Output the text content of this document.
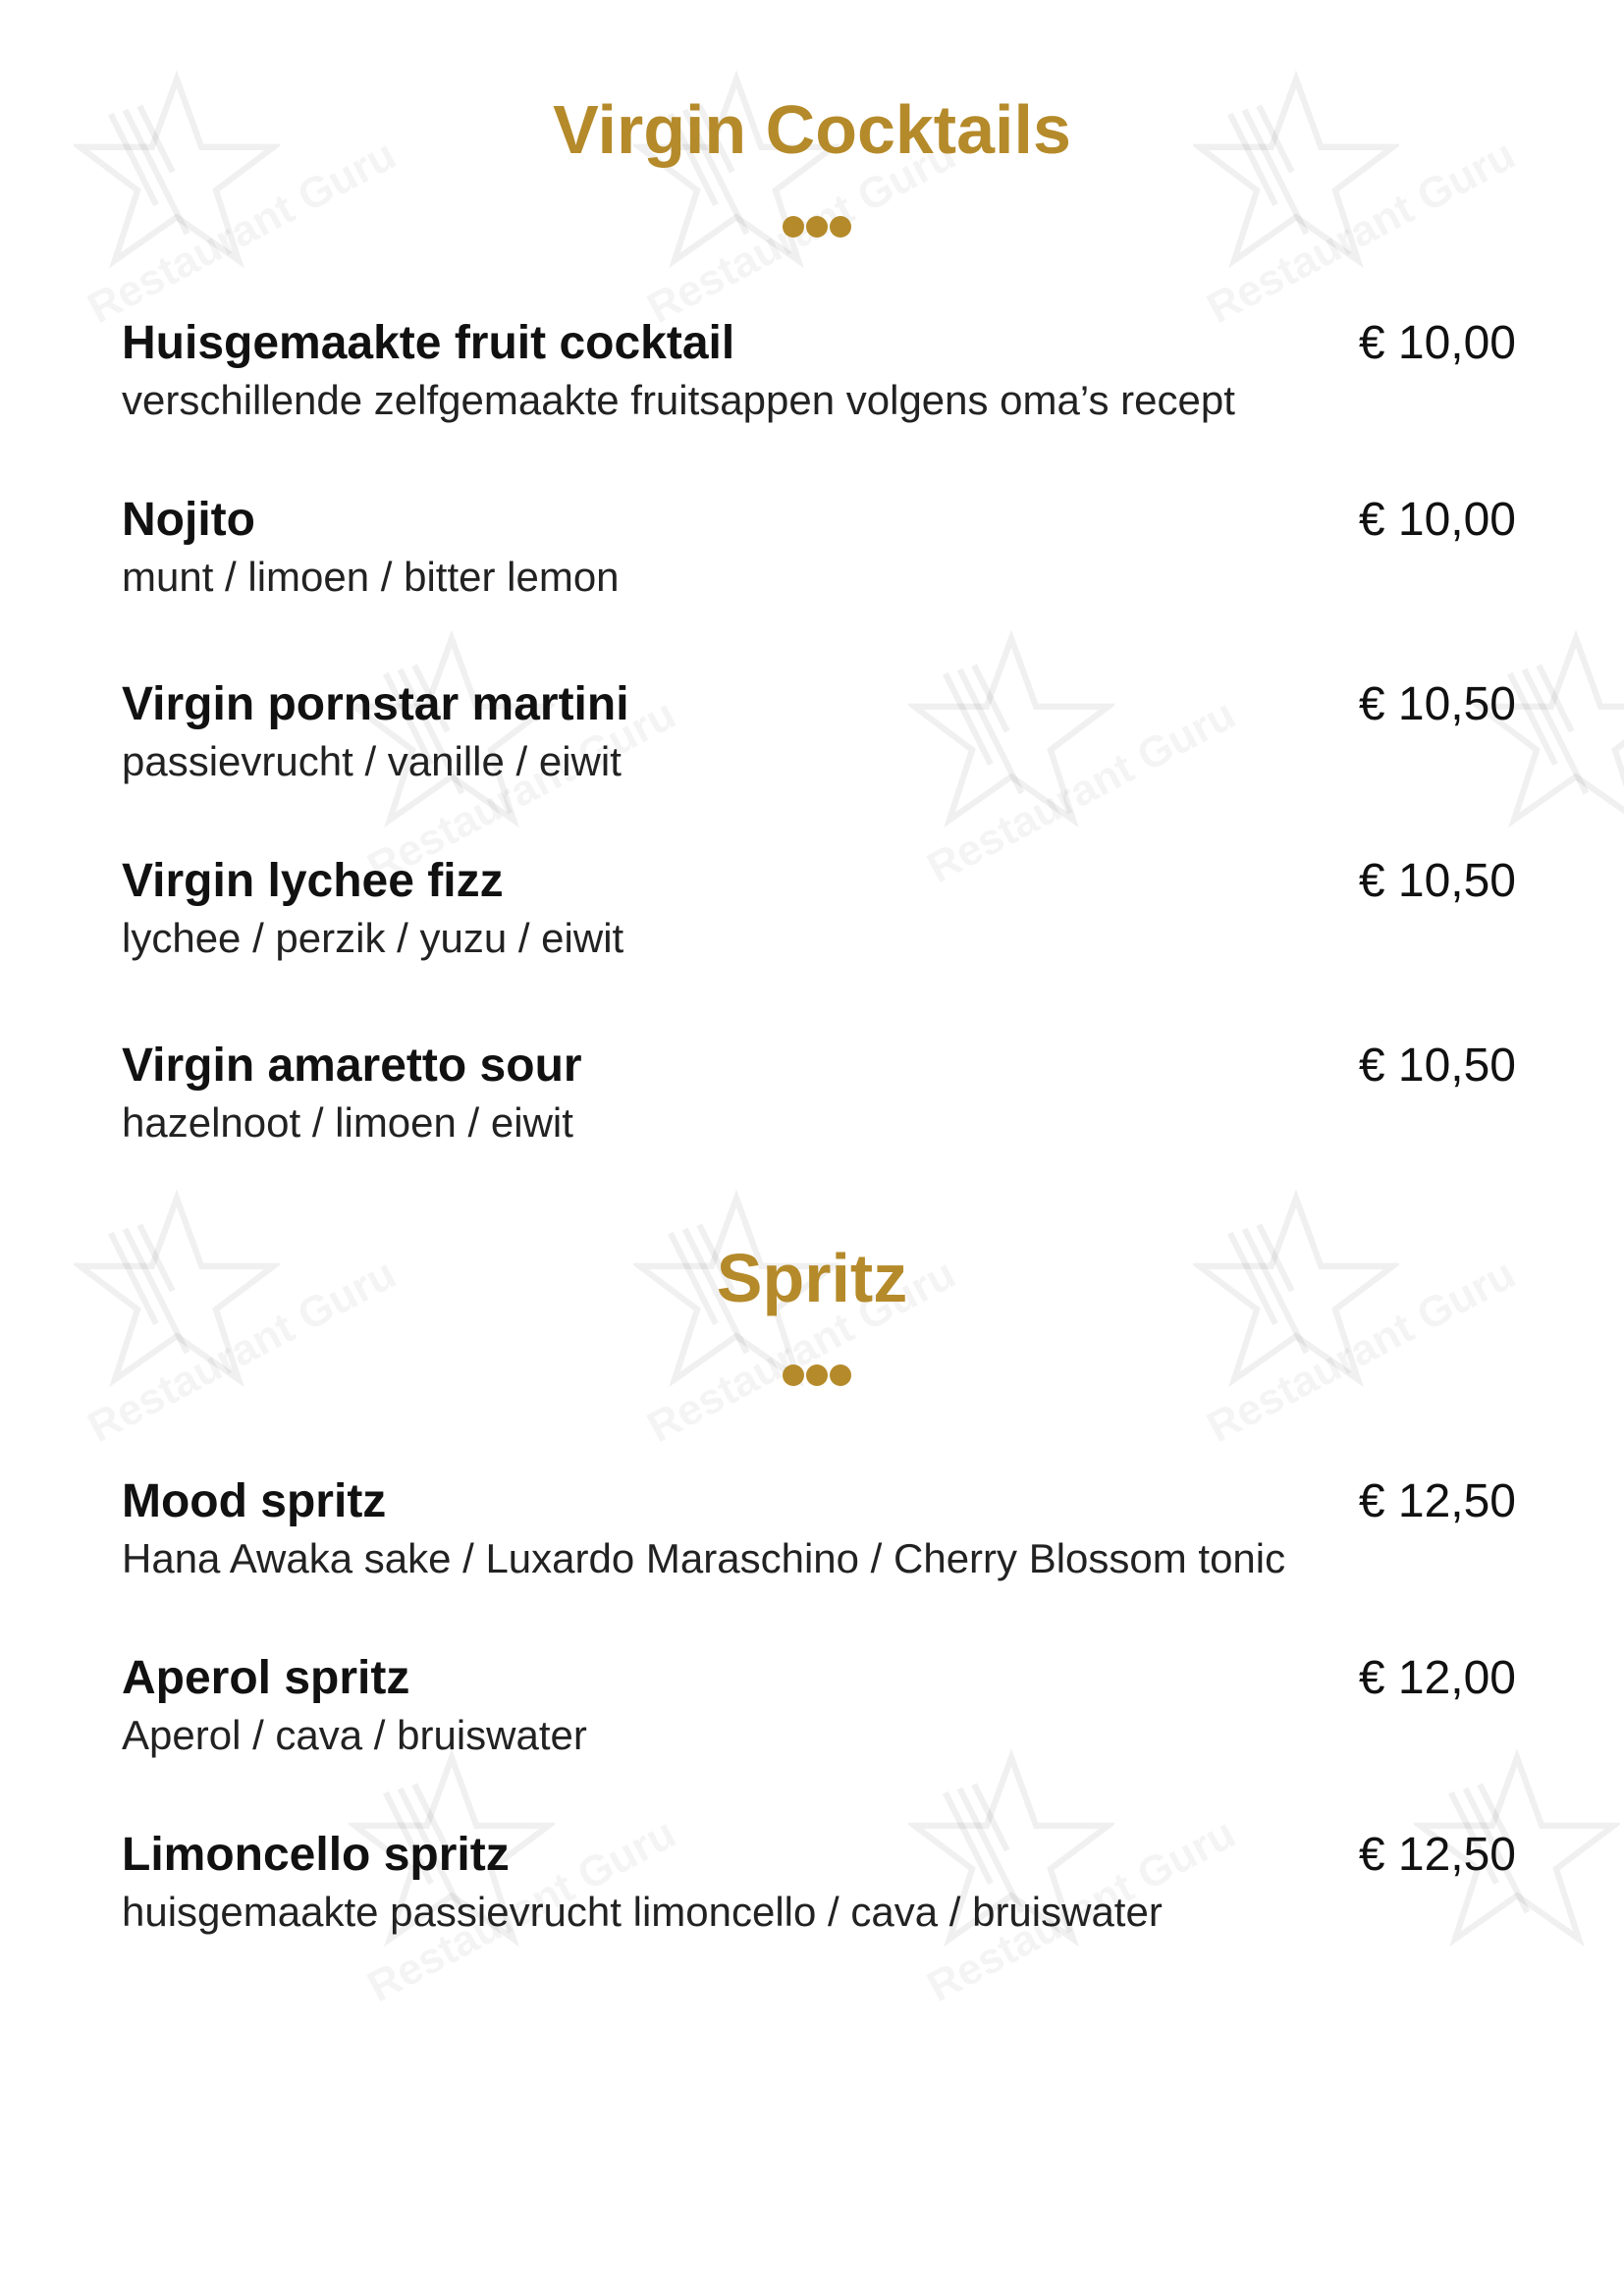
Virgin Cocktails

Huisgemaakte fruit cocktail

verschillende zelfgemaakte fruitsappen volgens oma’s recept

€ 10,00

Nojito

munt / limoen / bitter lemon

€ 10,00

Virgin pornstar martini

passievrucht / vanille / eiwit

€ 10,50

Virgin lychee fizz

lychee / perzik / yuzu / eiwit

€ 10,50

Virgin amaretto sour

hazelnoot / limoen / eiwit

€ 10,50

Spritz

Mood spritz

Hana Awaka sake / Luxardo Maraschino / Cherry Blossom tonic

€ 12,50

Aperol spritz

Aperol / cava / bruiswater

€ 12,00

Limoncello spritz

huisgemaakte passievrucht limoncello / cava / bruiswater

€ 12,50
